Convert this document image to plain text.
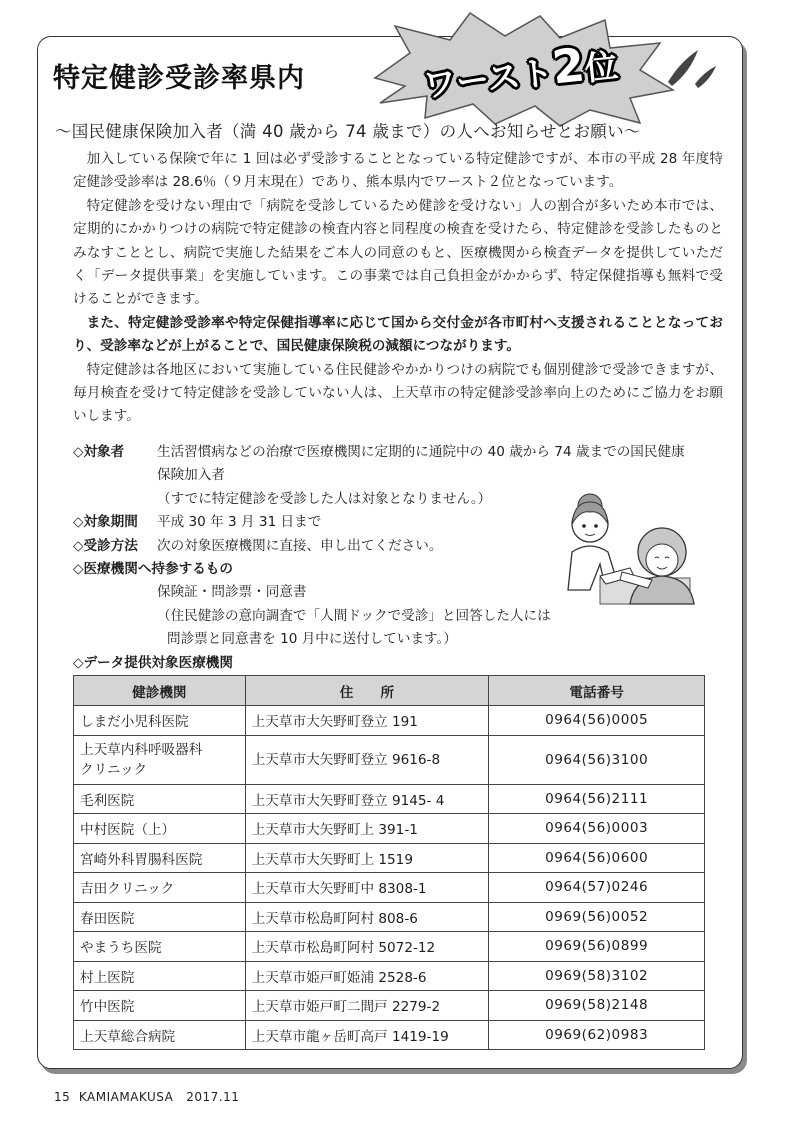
特定健診受診率県内	ワースト2位
〜国民健康保険加入者（満 40 歳から 74 歳まで）の人へお知らせとお願い〜

加入している保険で年に 1 回は必ず受診することとなっている特定健診ですが、本市の平成 28 年度特定健診受診率は 28.6％（９月末現在）であり、熊本県内でワースト２位となっています。

特定健診を受けない理由で「病院を受診しているため健診を受けない」人の割合が多いため本市では、定期的にかかりつけの病院で特定健診の検査内容と同程度の検査を受けたら、特定健診を受診したものとみなすこととし、病院で実施した結果をご本人の同意のもと、医療機関から検査データを提供していただく「データ提供事業」を実施しています。この事業では自己負担金がかからず、特定保健指導も無料で受けることができます。

また、特定健診受診率や特定保健指導率に応じて国から交付金が各市町村へ支援されることとなっており、受診率などが上がることで、国民健康保険税の減額につながります。

特定健診は各地区において実施している住民健診やかかりつけの病院でも個別健診で受診できますが、毎月検査を受けて特定健診を受診していない人は、上天草市の特定健診受診率向上のためにご協力をお願いします。

◇対象者	生活習慣病などの治療で医療機関に定期的に通院中の 40 歳から 74 歳までの国民健康
保険加入者
（すでに特定健診を受診した人は対象となりません。）
◇対象期間	平成 30 年 3 月 31 日まで
◇受診方法	次の対象医療機関に直接、申し出てください。
◇医療機関へ持参するもの
保険証・問診票・同意書
（住民健診の意向調査で「人間ドックで受診」と回答した人には
問診票と同意書を 10 月中に送付しています。）
◇データ提供対象医療機関
健診機関	住　　所	電話番号
しまだ小児科医院	上天草市大矢野町登立 191	0964(56)0005
上天草内科呼吸器科
クリニック	上天草市大矢野町登立 9616-8	0964(56)3100
毛利医院	上天草市大矢野町登立 9145- 4	0964(56)2111
中村医院（上）	上天草市大矢野町上 391-1	0964(56)0003
宮崎外科胃腸科医院	上天草市大矢野町上 1519	0964(56)0600
吉田クリニック	上天草市大矢野町中 8308-1	0964(57)0246
春田医院	上天草市松島町阿村 808-6	0969(56)0052
やまうち医院	上天草市松島町阿村 5072-12	0969(56)0899
村上医院	上天草市姫戸町姫浦 2528-6	0969(58)3102
竹中医院	上天草市姫戸町二間戸 2279-2	0969(58)2148
上天草総合病院	上天草市龍ヶ岳町高戸 1419-19	0969(62)0983
15  KAMIAMAKUSA   2017.11
